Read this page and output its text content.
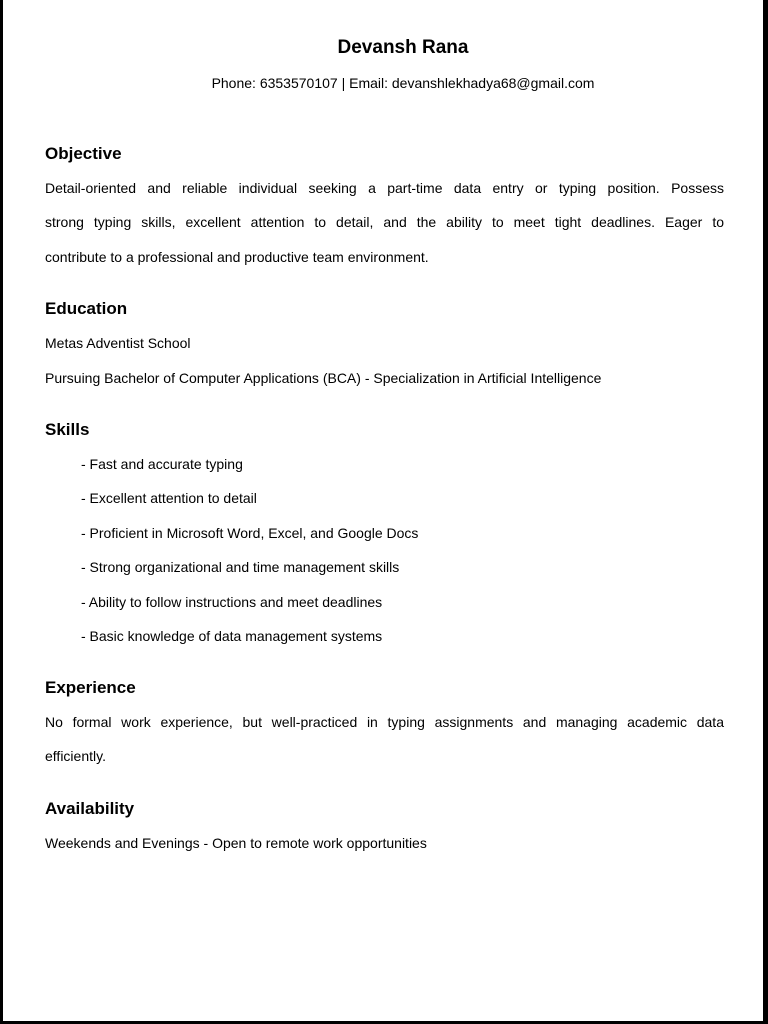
Devansh Rana
Phone: 6353570107 | Email: devanshlekhadya68@gmail.com
Objective
Detail-oriented and reliable individual seeking a part-time data entry or typing position. Possess
strong typing skills, excellent attention to detail, and the ability to meet tight deadlines. Eager to
contribute to a professional and productive team environment.
Education
Metas Adventist School
Pursuing Bachelor of Computer Applications (BCA) - Specialization in Artificial Intelligence
Skills
- Fast and accurate typing
- Excellent attention to detail
- Proficient in Microsoft Word, Excel, and Google Docs
- Strong organizational and time management skills
- Ability to follow instructions and meet deadlines
- Basic knowledge of data management systems
Experience
No formal work experience, but well-practiced in typing assignments and managing academic data
efficiently.
Availability
Weekends and Evenings - Open to remote work opportunities
